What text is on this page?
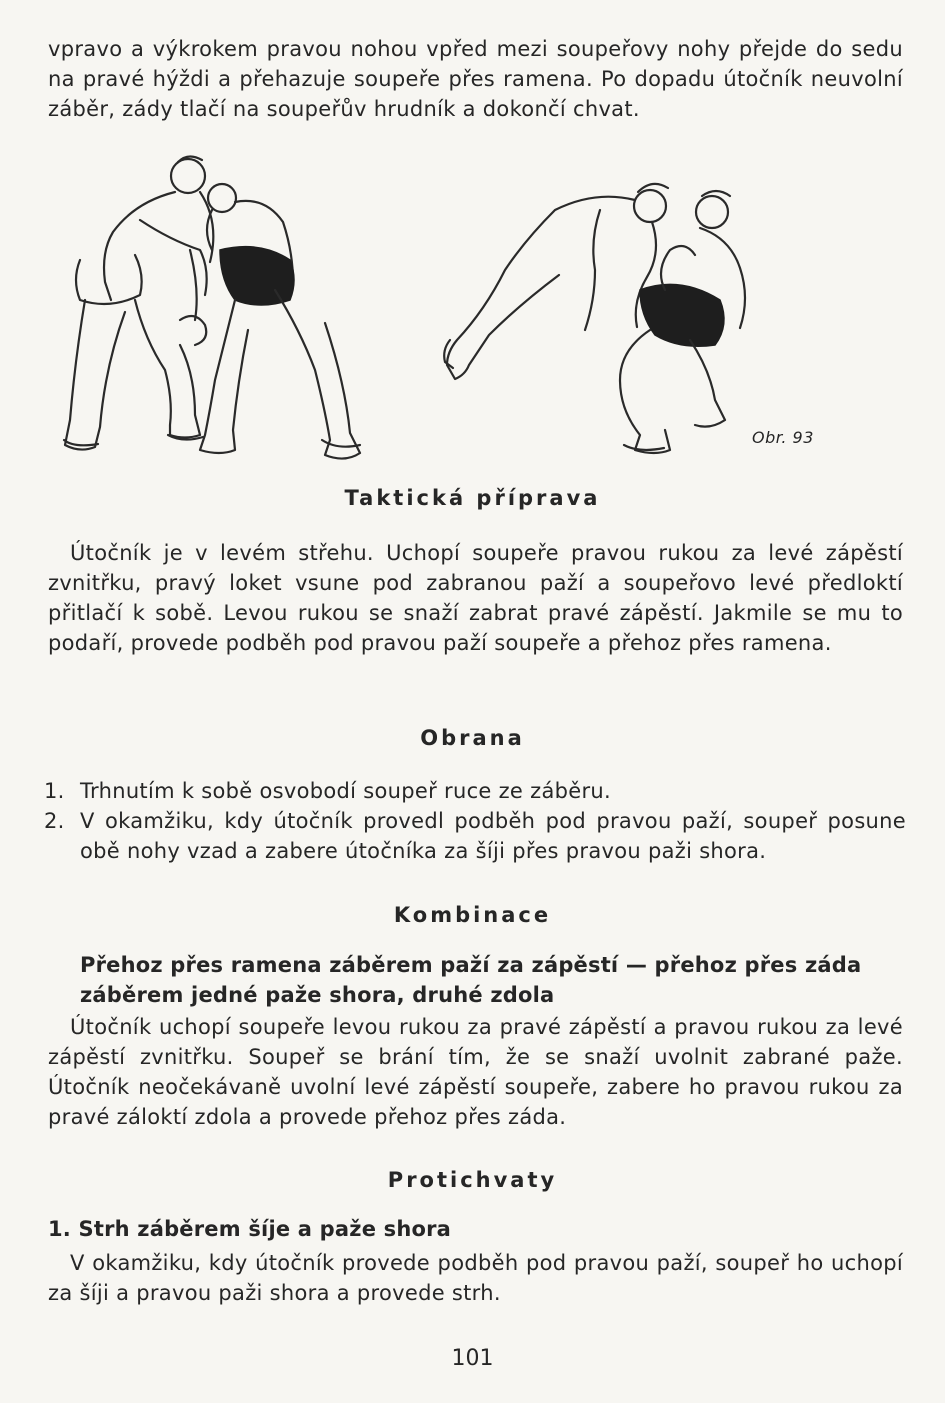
vpravo a výkrokem pravou nohou vpřed mezi soupeřovy nohy přejde do sedu na pravé hýždi a přehazuje soupeře přes ramena. Po dopadu útočník neuvolní záběr, zády tlačí na soupeřův hrudník a dokončí chvat.

Obr. 93
Taktická příprava

Útočník je v levém střehu. Uchopí soupeře pravou rukou za levé zápěstí zvnitřku, pravý loket vsune pod zabranou paží a soupeřovo levé předloktí přitlačí k sobě. Levou rukou se snaží zabrat pravé zápěstí. Jakmile se mu to podaří, provede podběh pod pravou paží soupeře a přehoz přes ramena.

Obrana
1. Trhnutím k sobě osvobodí soupeř ruce ze záběru.
2. V okamžiku, kdy útočník provedl podběh pod pravou paží, soupeř posune obě nohy vzad a zabere útočníka za šíji přes pravou paži shora.
Kombinace
Přehoz přes ramena záběrem paží za zápěstí — přehoz přes záda záběrem jedné paže shora, druhé zdola

Útočník uchopí soupeře levou rukou za pravé zápěstí a pravou rukou za levé zápěstí zvnitřku. Soupeř se brání tím, že se snaží uvolnit zabrané paže. Útočník neočekávaně uvolní levé zápěstí soupeře, zabere ho pravou rukou za pravé záloktí zdola a provede přehoz přes záda.

Protichvaty
1. Strh záběrem šíje a paže shora

V okamžiku, kdy útočník provede podběh pod pravou paží, soupeř ho uchopí za šíji a pravou paži shora a provede strh.

101
